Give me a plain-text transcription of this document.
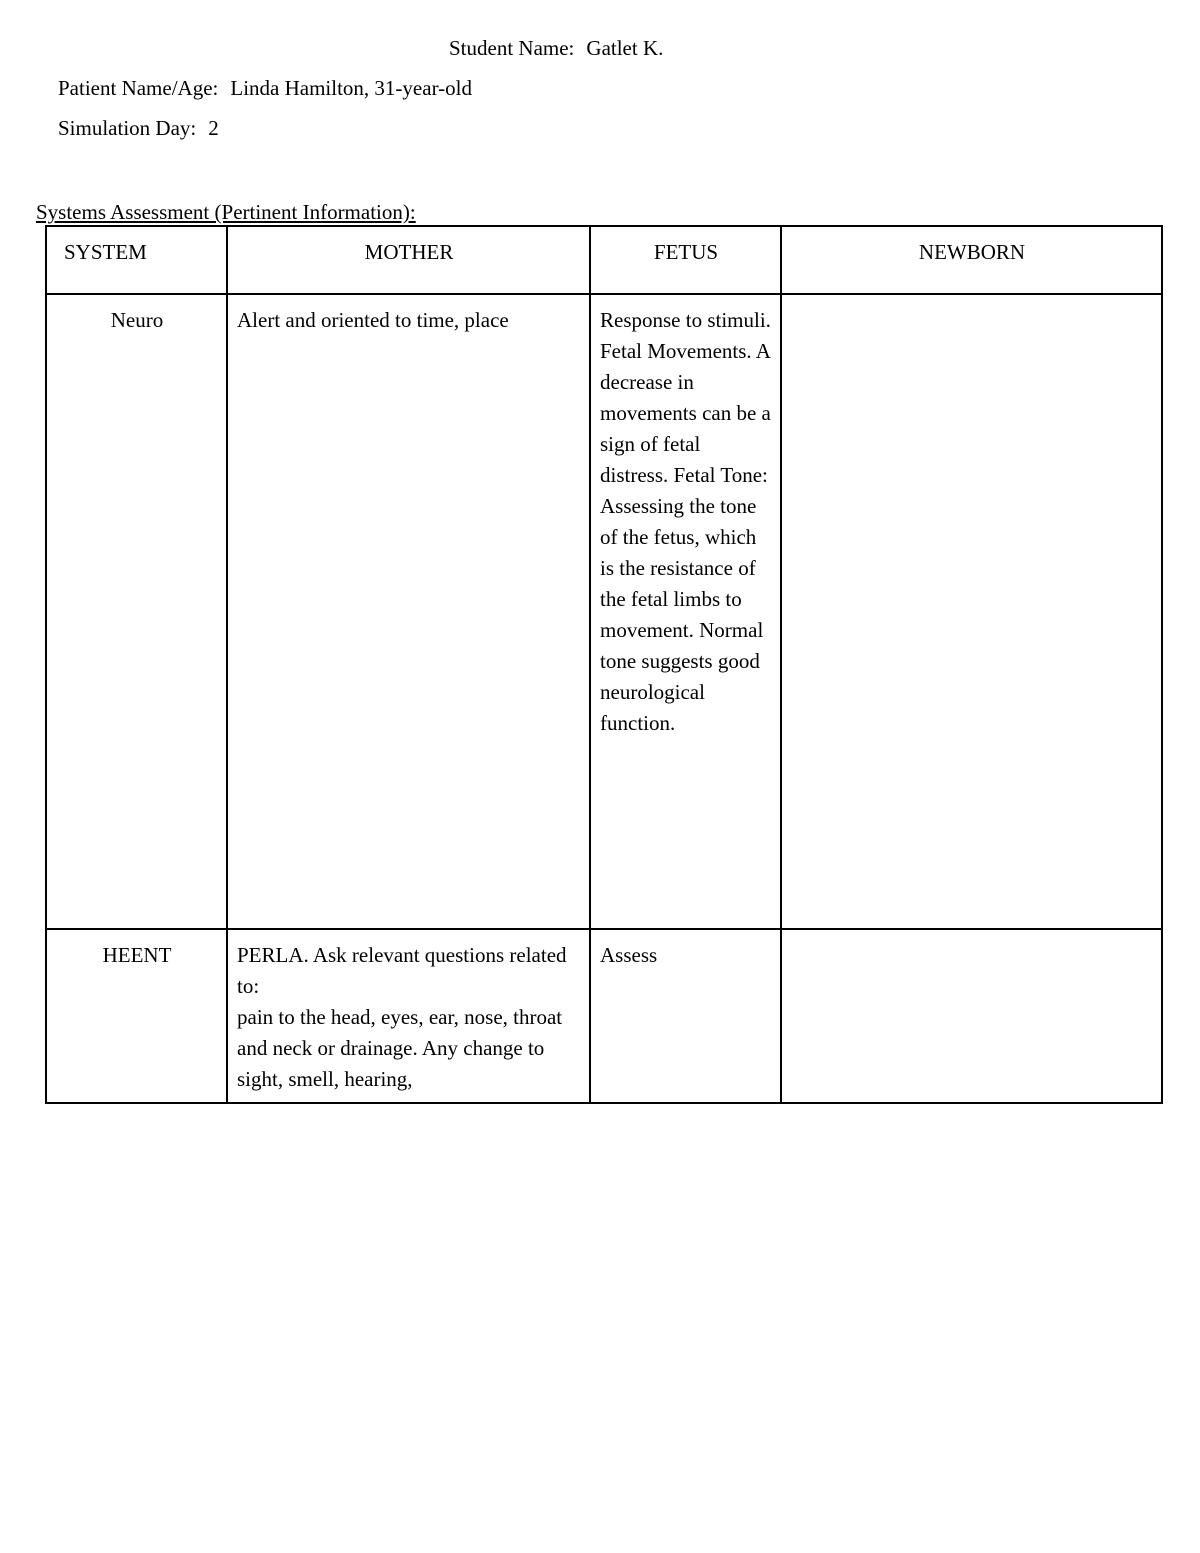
Student Name: Gatlet K.
Patient Name/Age: Linda Hamilton, 31-year-old
Simulation Day: 2
Systems Assessment (Pertinent Information):
SYSTEM	MOTHER	FETUS	NEWBORN
Neuro	Alert and oriented to time, place	Response to stimuli. Fetal Movements. A decrease in movements can be a sign of fetal distress. Fetal Tone: Assessing the tone of the fetus, which is the resistance of the fetal limbs to movement. Normal tone suggests good neurological function.	
HEENT	PERLA. Ask relevant questions related to:
pain to the head, eyes, ear, nose, throat and neck or drainage. Any change to sight, smell, hearing,	Assess	
